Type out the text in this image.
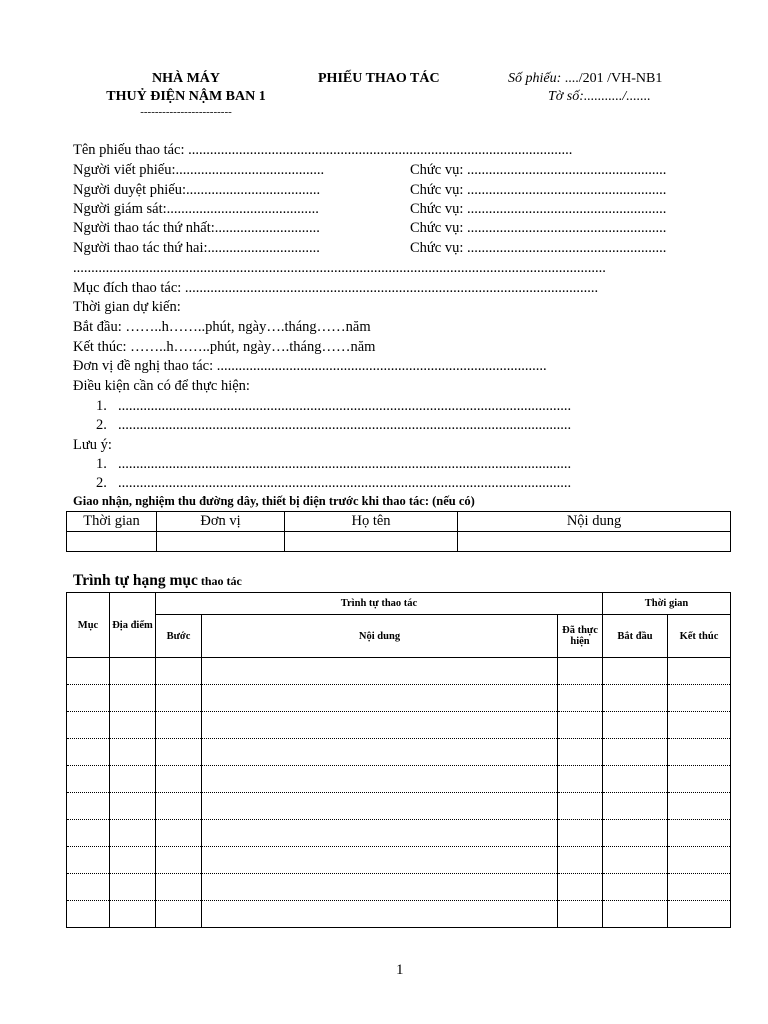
NHÀ MÁY
THUỶ ĐIỆN NẬM BAN 1
-------------------------
PHIẾU THAO TÁC	Số phiếu: ..../201 /VH-NB1
Tờ số:.........../.......
Tên phiếu thao tác: ..........................................................................................................
Người viết phiếu:.........................................	Chức vụ: .......................................................
Người duyệt phiếu:.....................................	Chức vụ: .......................................................
Người giám sát:..........................................	Chức vụ: .......................................................
Người thao tác thứ nhất:.............................	Chức vụ: .......................................................
Người thao tác thứ hai:...............................	Chức vụ: .......................................................
...................................................................................................................................................
Mục đích thao tác: ..................................................................................................................
Thời gian dự kiến:
Bắt đầu: ……..h……..phút, ngày….tháng……năm
Kết thúc: ……..h……..phút, ngày….tháng……năm
Đơn vị đề nghị thao tác: ...........................................................................................
Điều kiện cần có để thực hiện:
1. .............................................................................................................................
2. .............................................................................................................................
Lưu ý:
1. .............................................................................................................................
2. .............................................................................................................................
Giao nhận, nghiệm thu đường dây, thiết bị điện trước khi thao tác: (nếu có)
Thời gian	Đơn vị	Họ tên	Nội dung

Trình tự hạng mục thao tác
Mục	Địa điểm	Trình tự thao tác			Thời gian	
		Bước	Nội dung	Đã thực hiện	Bắt đầu	Kết thúc

1
